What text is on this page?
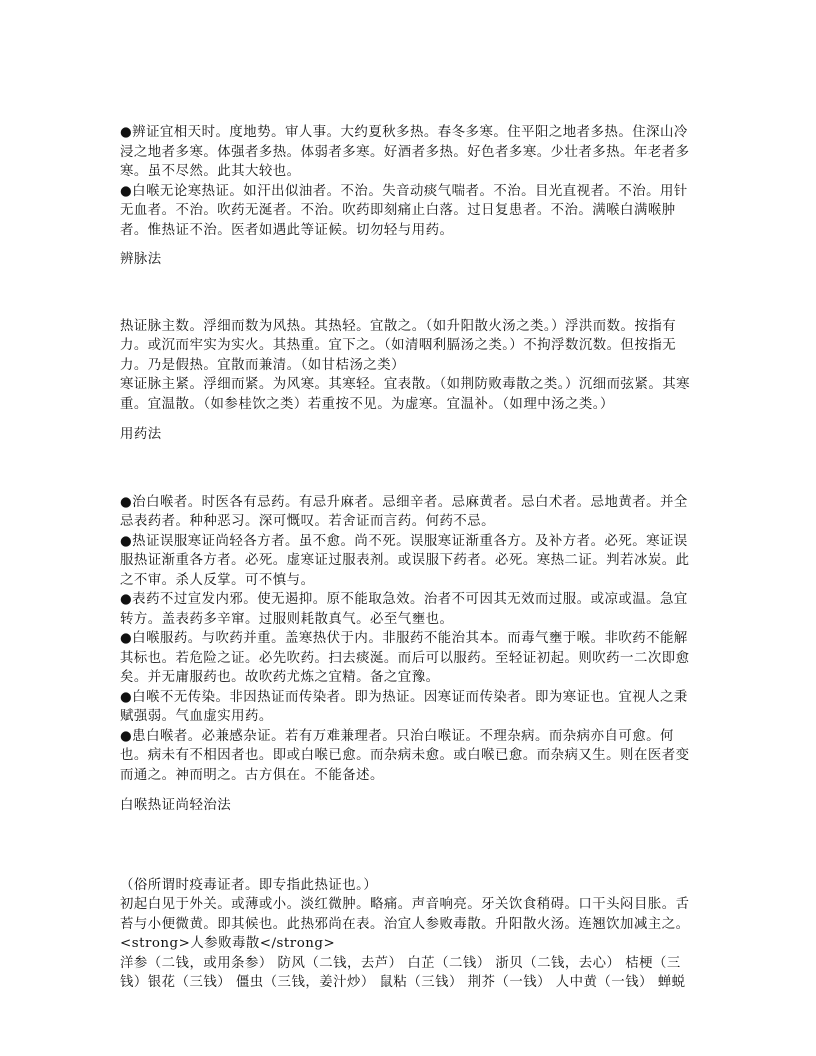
●辨证宜相天时。度地势。审人事。大约夏秋多热。春冬多寒。住平阳之地者多热。住深山冷浸之地者多寒。体强者多热。体弱者多寒。好酒者多热。好色者多寒。少壮者多热。年老者多寒。虽不尽然。此其大较也。

●白喉无论寒热证。如汗出似油者。不治。失音动痰气喘者。不治。目光直视者。不治。用针无血者。不治。吹药无涎者。不治。吹药即刻痛止白落。过日复患者。不治。满喉白满喉肿者。惟热证不治。医者如遇此等证候。切勿轻与用药。

辨脉法

热证脉主数。浮细而数为风热。其热轻。宜散之。（如升阳散火汤之类。）浮洪而数。按指有力。或沉而牢实为实火。其热重。宜下之。（如清咽利膈汤之类。）不拘浮数沉数。但按指无力。乃是假热。宜散而兼清。（如甘桔汤之类）

寒证脉主紧。浮细而紧。为风寒。其寒轻。宜表散。（如荆防败毒散之类。）沉细而弦紧。其寒重。宜温散。（如参桂饮之类）若重按不见。为虚寒。宜温补。（如理中汤之类。）

用药法

●治白喉者。时医各有忌药。有忌升麻者。忌细辛者。忌麻黄者。忌白术者。忌地黄者。并全忌表药者。种种恶习。深可慨叹。若舍证而言药。何药不忌。

●热证误服寒证尚轻各方者。虽不愈。尚不死。误服寒证渐重各方。及补方者。必死。寒证误服热证渐重各方者。必死。虚寒证过服表剂。或误服下药者。必死。寒热二证。判若冰炭。此之不审。杀人反掌。可不慎与。

●表药不过宣发内邪。使无遏抑。原不能取急效。治者不可因其无效而过服。或凉或温。急宜转方。盖表药多辛窜。过服则耗散真气。必至气壅也。

●白喉服药。与吹药并重。盖寒热伏于内。非服药不能治其本。而毒气壅于喉。非吹药不能解其标也。若危险之证。必先吹药。扫去痰涎。而后可以服药。至轻证初起。则吹药一二次即愈矣。并无庸服药也。故吹药尤炼之宜精。备之宜豫。

●白喉不无传染。非因热证而传染者。即为热证。因寒证而传染者。即为寒证也。宜视人之秉赋强弱。气血虚实用药。

●患白喉者。必兼感杂证。若有万难兼理者。只治白喉证。不理杂病。而杂病亦自可愈。何也。病未有不相因者也。即或白喉已愈。而杂病未愈。或白喉已愈。而杂病又生。则在医者变而通之。神而明之。古方俱在。不能备述。

白喉热证尚轻治法

（俗所谓时疫毒证者。即专指此热证也。）

初起白见于外关。或薄或小。淡红微肿。略痛。声音响亮。牙关饮食稍碍。口干头闷目胀。舌苔与小便微黄。即其候也。此热邪尚在表。治宜人参败毒散。升阳散火汤。连翘饮加减主之。

<strong>人参败毒散</strong>

洋参（二钱，或用条参） 防风（二钱，去芦） 白芷（二钱） 浙贝（二钱，去心） 桔梗（三钱）银花（三钱） 僵虫（三钱，姜汁炒） 鼠粘（三钱） 荆芥（一钱） 人中黄（一钱） 蝉蜕
